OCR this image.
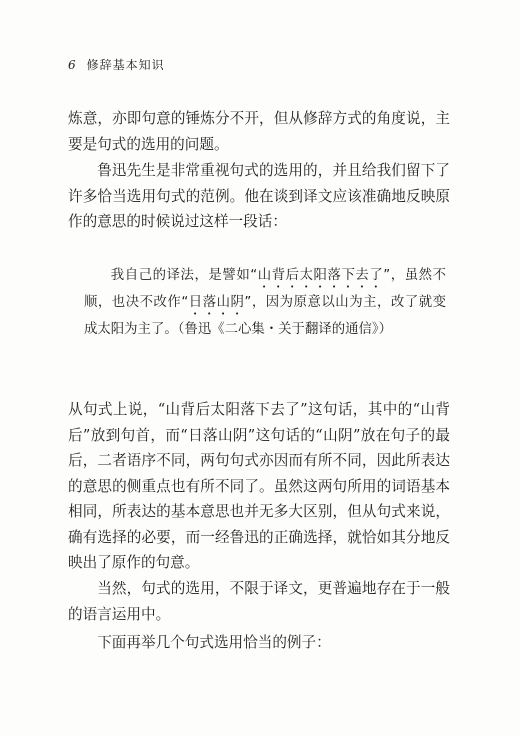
6 修辞基本知识

炼意，亦即句意的锤炼分不开，但从修辞方式的角度说，主要是句式的选用的问题。

鲁迅先生是非常重视句式的选用的，并且给我们留下了许多恰当选用句式的范例。他在谈到译文应该准确地反映原作的意思的时候说过这样一段话：

我自己的译法，是譬如“山背后太阳落下去了”，虽然不顺，也决不改作“日落山阴”，因为原意以山为主，改了就变成太阳为主了。（鲁迅《二心集・关于翻译的通信》）

从句式上说，“山背后太阳落下去了”这句话，其中的“山背后”放到句首，而“日落山阴”这句话的“山阴”放在句子的最后，二者语序不同，两句句式亦因而有所不同，因此所表达的意思的侧重点也有所不同了。虽然这两句所用的词语基本相同，所表达的基本意思也并无多大区别，但从句式来说，确有选择的必要，而一经鲁迅的正确选择，就恰如其分地反映出了原作的句意。

当然，句式的选用，不限于译文，更普遍地存在于一般的语言运用中。

下面再举几个句式选用恰当的例子：
